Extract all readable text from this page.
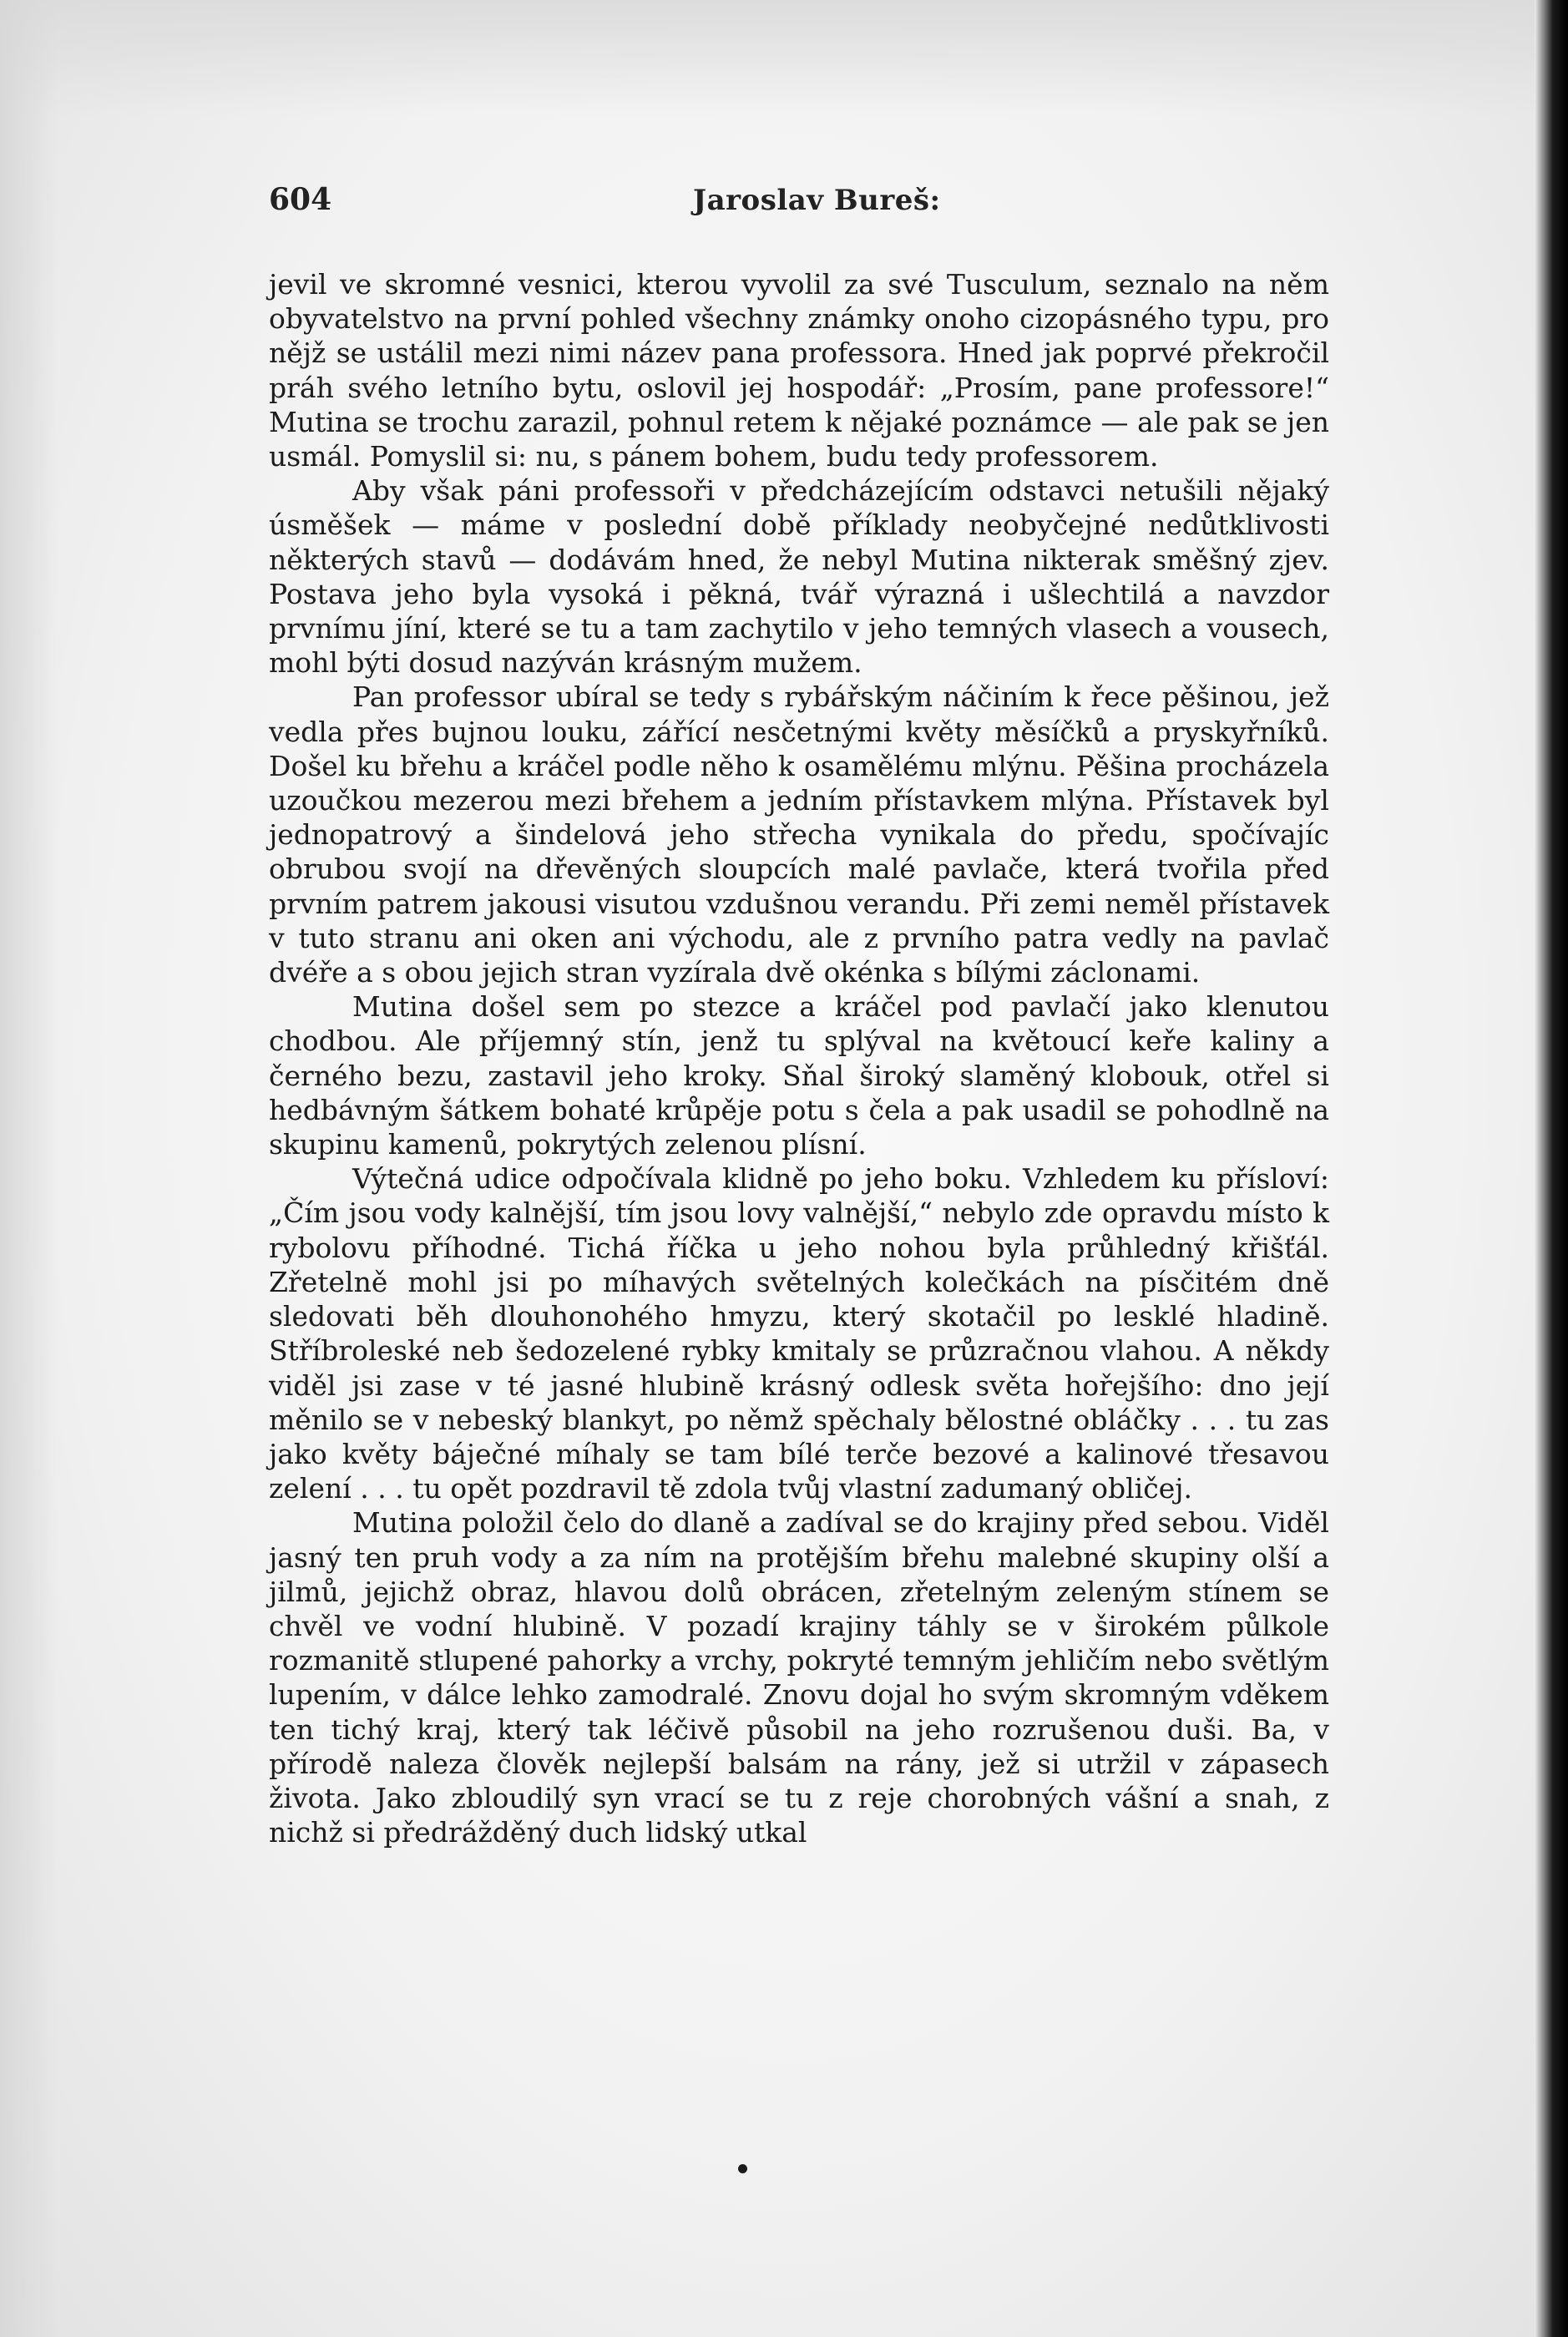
604	Jaroslav Bureš:

jevil ve skromné vesnici, kterou vyvolil za své Tusculum, seznalo na něm obyvatelstvo na první pohled všechny známky onoho cizopásného typu, pro nějž se ustálil mezi nimi název pana professora. Hned jak poprvé překročil práh svého letního bytu, oslovil jej hospodář: „Prosím, pane professore!“ Mutina se trochu zarazil, pohnul retem k nějaké poznámce — ale pak se jen usmál. Pomyslil si: nu, s pánem bohem, budu tedy professorem.

Aby však páni professoři v předcházejícím odstavci netušili nějaký úsměšek — máme v poslední době příklady neobyčejné nedůtklivosti některých stavů — dodávám hned, že nebyl Mutina nikterak směšný zjev. Postava jeho byla vysoká i pěkná, tvář výrazná i ušlechtilá a navzdor prvnímu jíní, které se tu a tam zachytilo v jeho temných vlasech a vousech, mohl býti dosud nazýván krásným mužem.

Pan professor ubíral se tedy s rybářským náčiním k řece pěšinou, jež vedla přes bujnou louku, zářící nesčetnými květy měsíčků a pryskyřníků. Došel ku břehu a kráčel podle něho k osamělému mlýnu. Pěšina procházela uzoučkou mezerou mezi břehem a jedním přístavkem mlýna. Přístavek byl jednopatrový a šindelová jeho střecha vynikala do předu, spočívajíc obrubou svojí na dřevěných sloupcích malé pavlače, která tvořila před prvním patrem jakousi visutou vzdušnou verandu. Při zemi neměl přístavek v tuto stranu ani oken ani východu, ale z prvního patra vedly na pavlač dvéře a s obou jejich stran vyzírala dvě okénka s bílými záclonami.

Mutina došel sem po stezce a kráčel pod pavlačí jako klenutou chodbou. Ale příjemný stín, jenž tu splýval na květoucí keře kaliny a černého bezu, zastavil jeho kroky. Sňal široký slaměný klobouk, otřel si hedbávným šátkem bohaté krůpěje potu s čela a pak usadil se pohodlně na skupinu kamenů, pokrytých zelenou plísní.

Výtečná udice odpočívala klidně po jeho boku. Vzhledem ku přísloví: „Čím jsou vody kalnější, tím jsou lovy valnější,“ nebylo zde opravdu místo k rybolovu příhodné. Tichá říčka u jeho nohou byla průhledný křišťál. Zřetelně mohl jsi po míhavých světelných kolečkách na písčitém dně sledovati běh dlouhonohého hmyzu, který skotačil po lesklé hladině. Stříbroleské neb šedozelené rybky kmitaly se průzračnou vlahou. A někdy viděl jsi zase v té jasné hlubině krásný odlesk světa hořejšího: dno její měnilo se v nebeský blankyt, po němž spěchaly bělostné obláčky . . . tu zas jako květy báječné míhaly se tam bílé terče bezové a kalinové třesavou zelení . . . tu opět pozdravil tě zdola tvůj vlastní zadumaný obličej.

Mutina položil čelo do dlaně a zadíval se do krajiny před sebou. Viděl jasný ten pruh vody a za ním na protějším břehu malebné skupiny olší a jilmů, jejichž obraz, hlavou dolů obrácen, zřetelným zeleným stínem se chvěl ve vodní hlubině. V pozadí krajiny táhly se v širokém půlkole rozmanitě stlupené pahorky a vrchy, pokryté temným jehličím nebo světlým lupením, v dálce lehko zamodralé. Znovu dojal ho svým skromným vděkem ten tichý kraj, který tak léčivě působil na jeho rozrušenou duši. Ba, v přírodě naleza člověk nejlepší balsám na rány, jež si utržil v zápasech života. Jako zbloudilý syn vrací se tu z reje chorobných vášní a snah, z nichž si předrážděný duch lidský utkal
